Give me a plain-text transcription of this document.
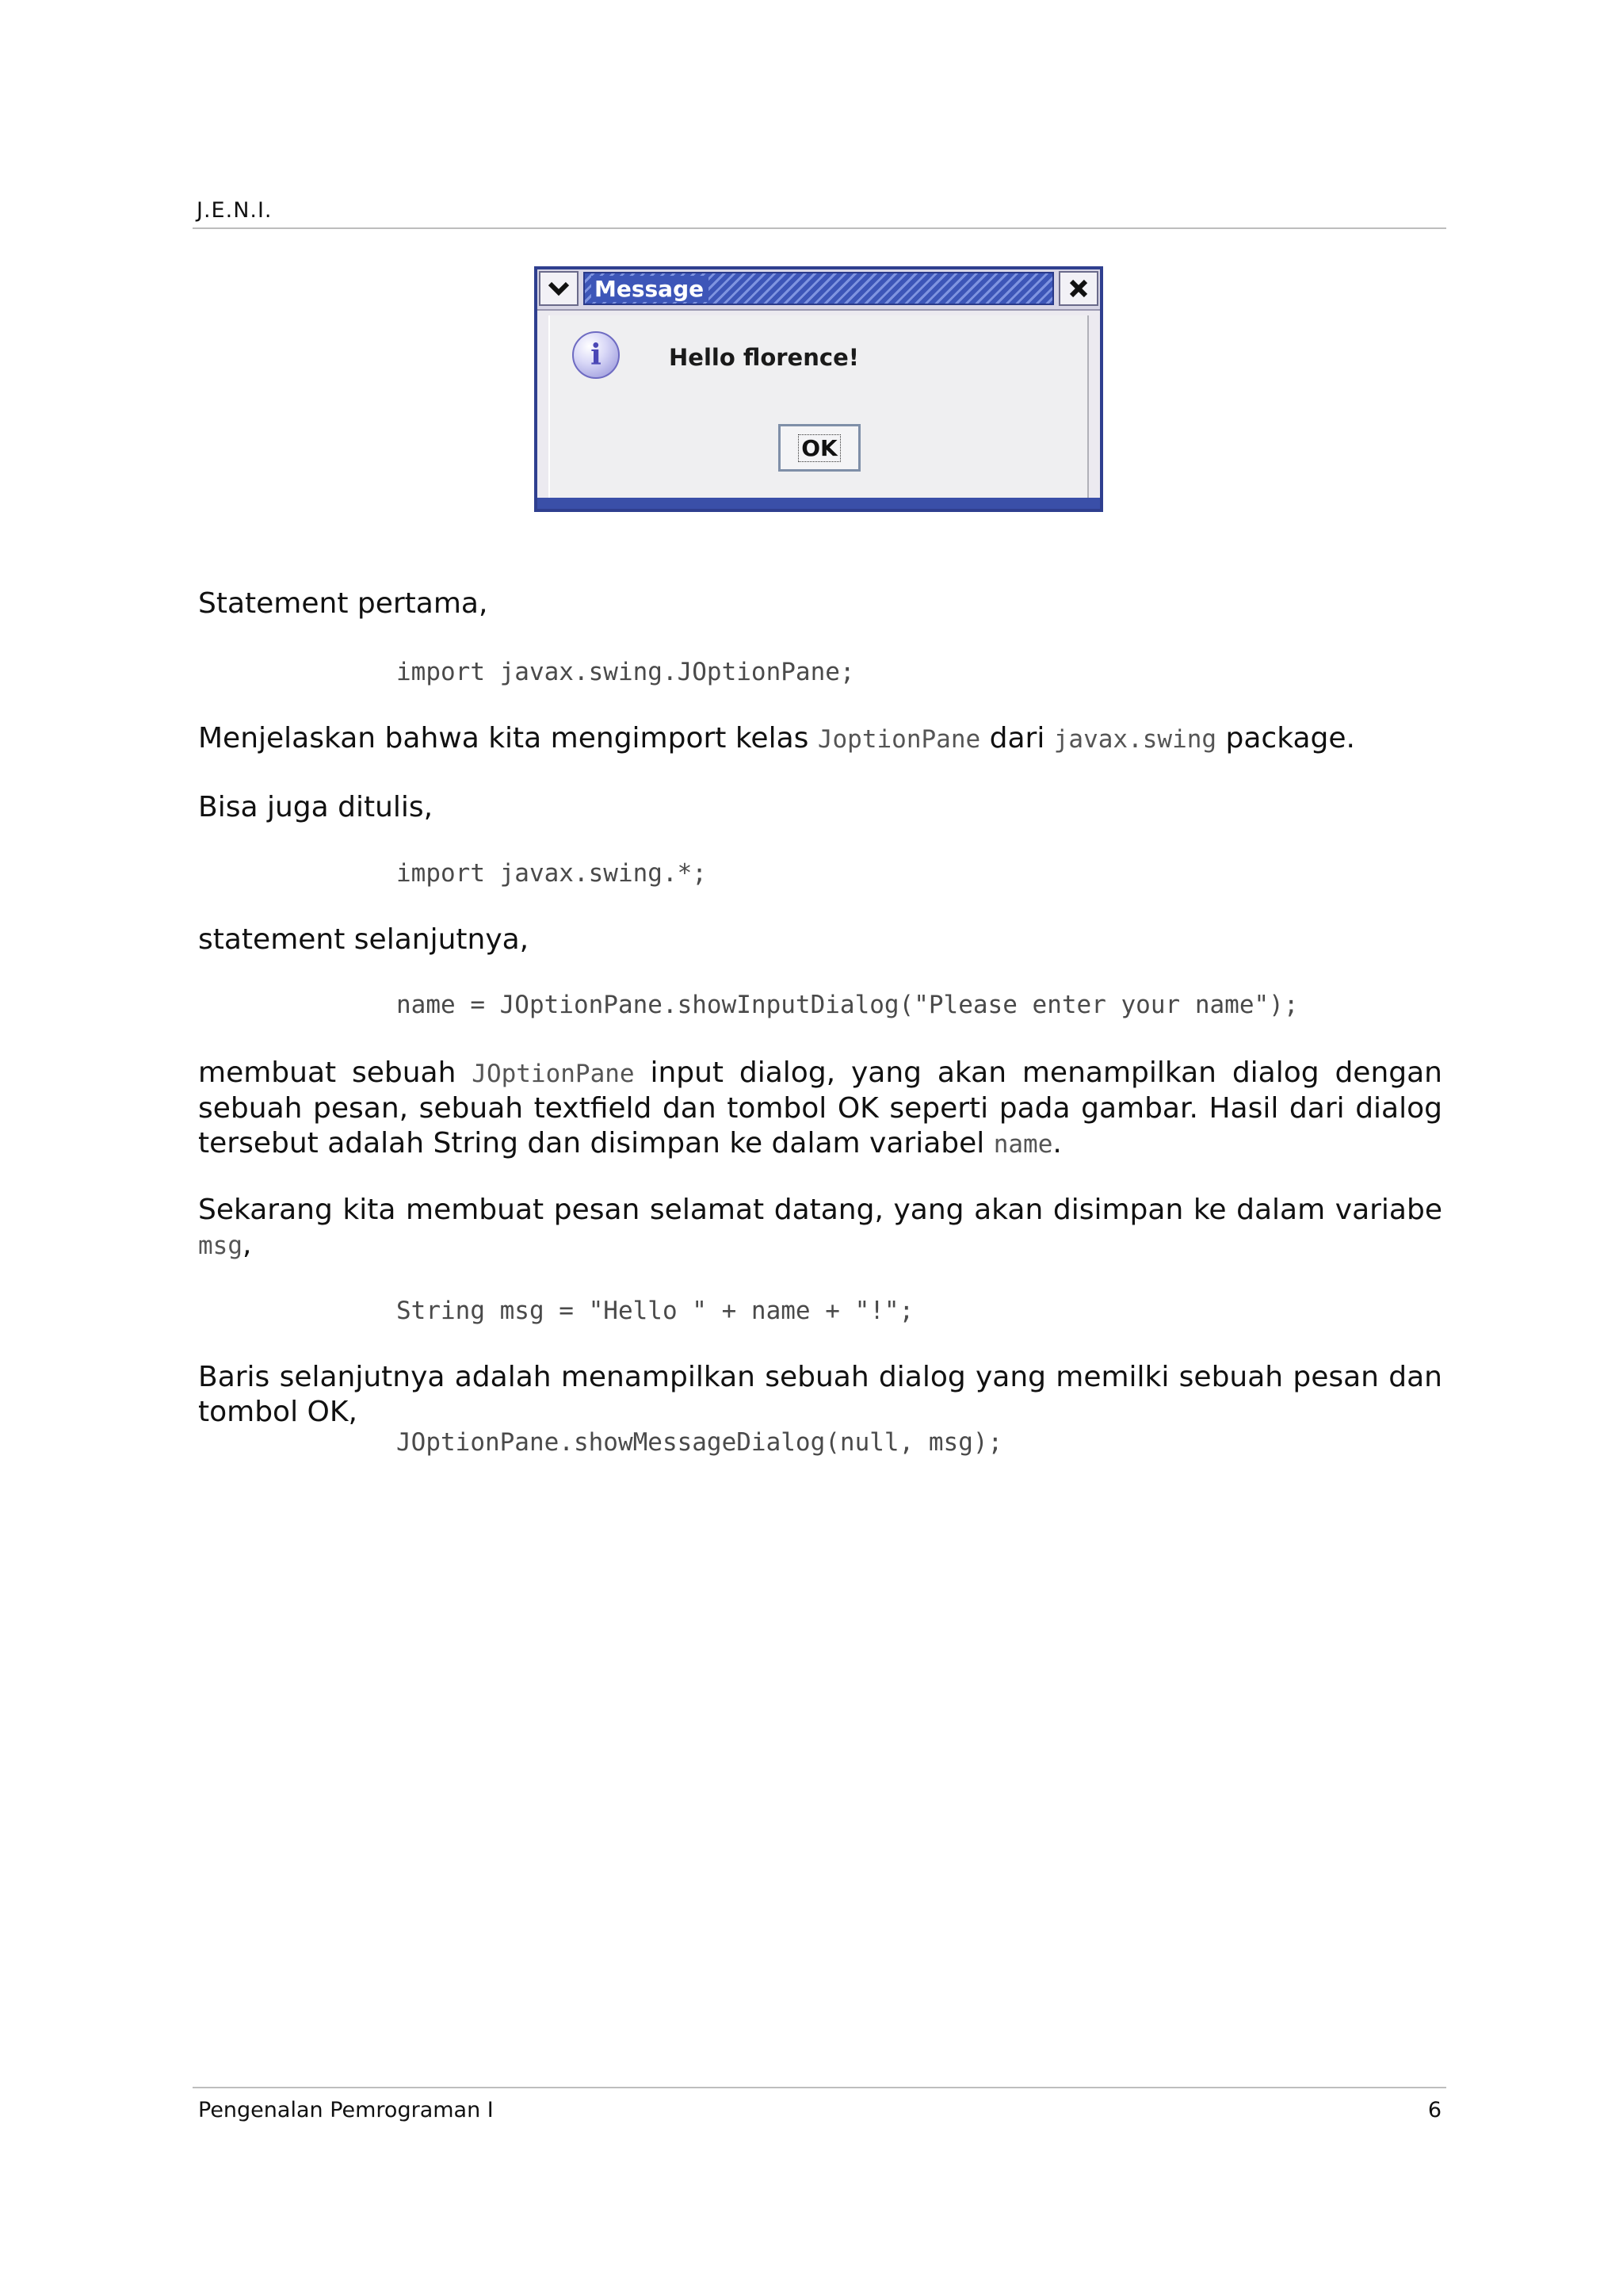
J.E.N.I.
Message
i	Hello florence!
OK
Statement pertama,
import javax.swing.JOptionPane;
Menjelaskan bahwa kita mengimport kelas JoptionPane dari javax.swing package.
Bisa juga ditulis,
import javax.swing.*;
statement selanjutnya,
name = JOptionPane.showInputDialog("Please enter your name");
membuat sebuah JOptionPane input dialog, yang akan menampilkan dialog dengan sebuah pesan, sebuah textfield dan tombol OK seperti pada gambar. Hasil dari dialog tersebut adalah String dan disimpan ke dalam variabel name.
Sekarang kita membuat pesan selamat datang, yang akan disimpan ke dalam variabe msg,
String msg = "Hello " + name + "!";
Baris selanjutnya adalah menampilkan sebuah dialog yang memilki sebuah pesan dan tombol OK,
JOptionPane.showMessageDialog(null, msg);
Pengenalan Pemrograman I	6
